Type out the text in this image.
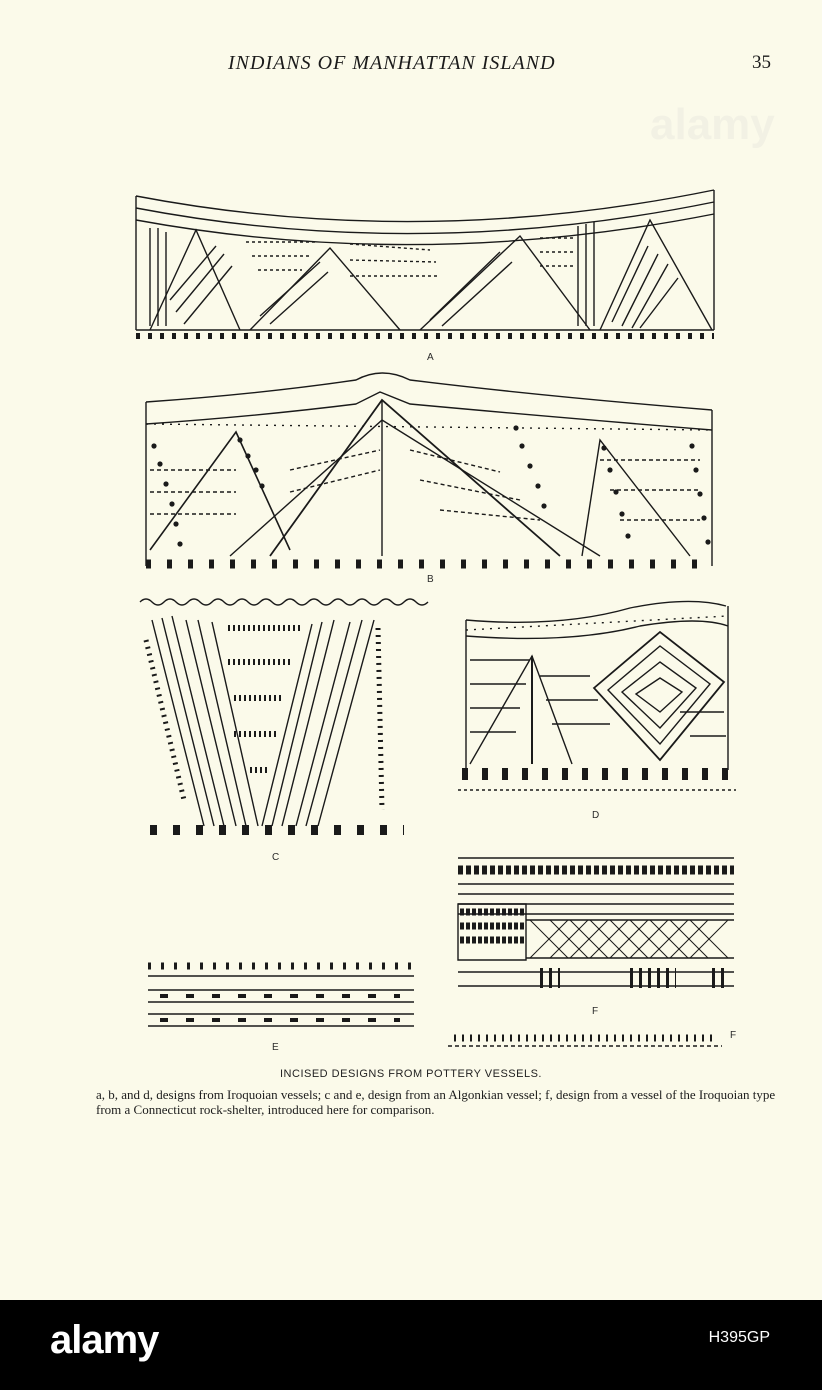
INDIANS OF MANHATTAN ISLAND	35
alamy
A
B
C
D
E
F
F
INCISED DESIGNS FROM POTTERY VESSELS.
a, b, and d, designs from Iroquoian vessels; c and e, design from an Algonkian vessel; f, design from a vessel of the Iroquoian type from a Connecticut rock-shelter, introduced here for comparison.
alamy	H395GP
